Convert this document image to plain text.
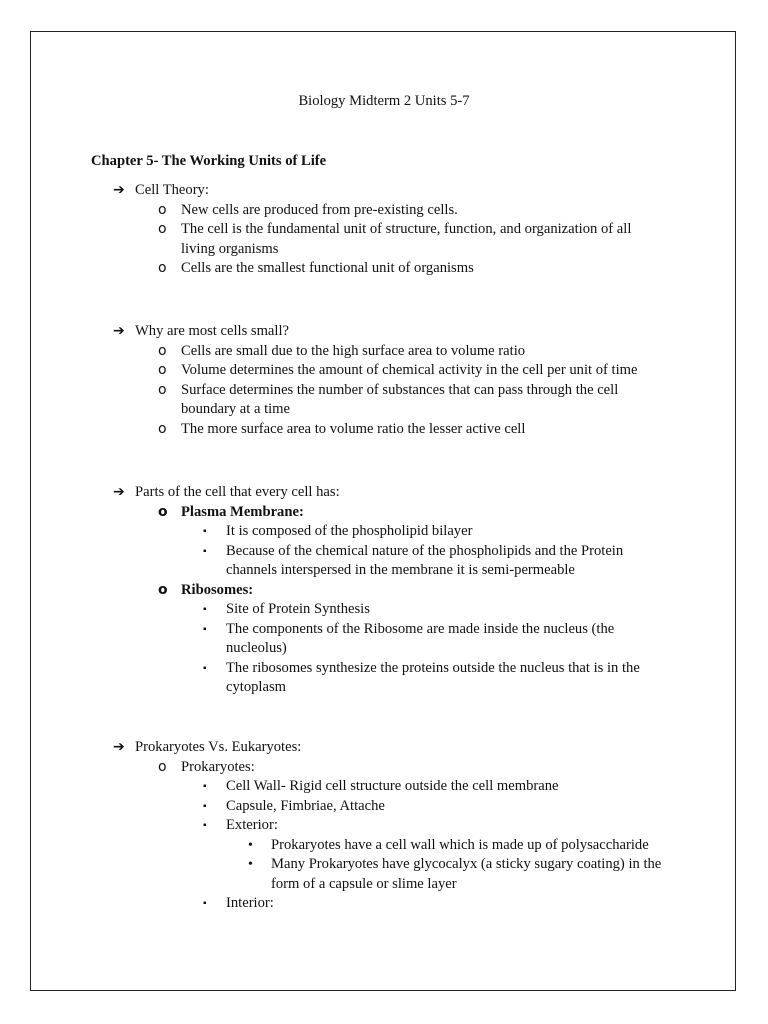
Biology Midterm 2 Units 5-7
Chapter 5- The Working Units of Life
➔ Cell Theory:
o New cells are produced from pre-existing cells.
o The cell is the fundamental unit of structure, function, and organization of all living organisms
o Cells are the smallest functional unit of organisms
➔ Why are most cells small?
o Cells are small due to the high surface area to volume ratio
o Volume determines the amount of chemical activity in the cell per unit of time
o Surface determines the number of substances that can pass through the cell boundary at a time
o The more surface area to volume ratio the lesser active cell
➔ Parts of the cell that every cell has:
o Plasma Membrane:
▪ It is composed of the phospholipid bilayer
▪ Because of the chemical nature of the phospholipids and the Protein channels interspersed in the membrane it is semi-permeable
o Ribosomes:
▪ Site of Protein Synthesis
▪ The components of the Ribosome are made inside the nucleus (the nucleolus)
▪ The ribosomes synthesize the proteins outside the nucleus that is in the cytoplasm
➔ Prokaryotes Vs. Eukaryotes:
o Prokaryotes:
▪ Cell Wall- Rigid cell structure outside the cell membrane
▪ Capsule, Fimbriae, Attache
▪ Exterior:
• Prokaryotes have a cell wall which is made up of polysaccharide
• Many Prokaryotes have glycocalyx (a sticky sugary coating) in the form of a capsule or slime layer
▪ Interior:
